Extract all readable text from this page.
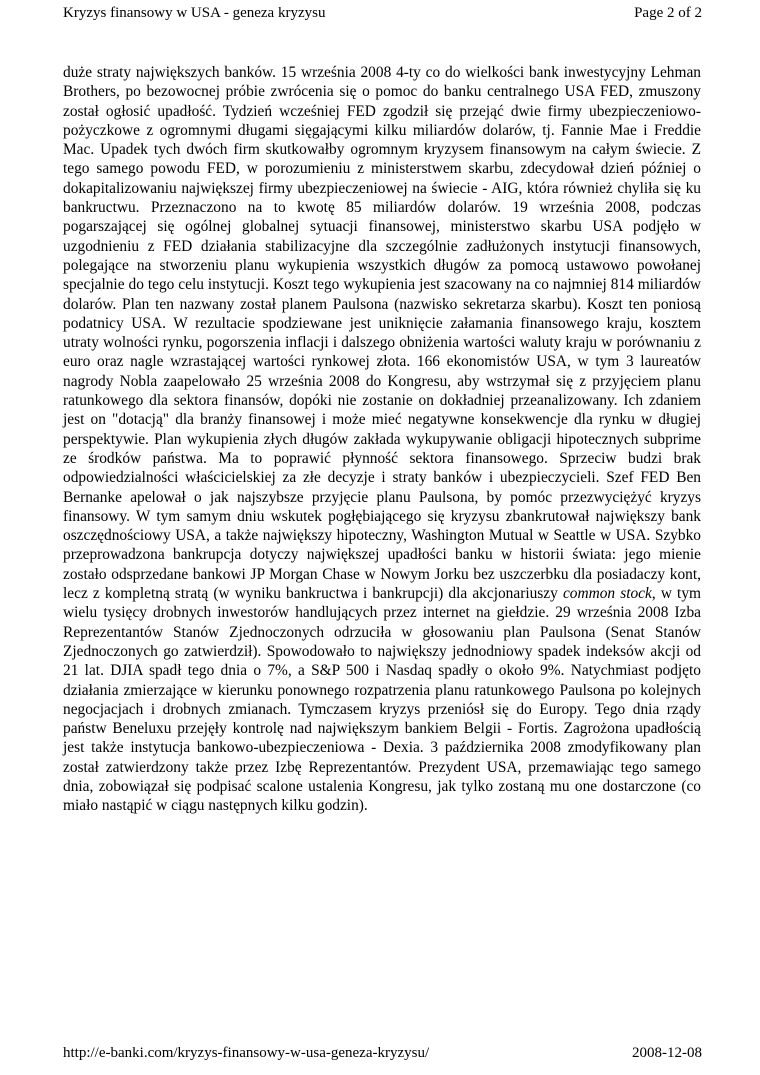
Kryzys finansowy w USA - geneza kryzysu	Page 2 of 2

duże straty największych banków. 15 września 2008 4-ty co do wielkości bank inwestycyjny Lehman Brothers, po bezowocnej próbie zwrócenia się o pomoc do banku centralnego USA FED, zmuszony został ogłosić upadłość. Tydzień wcześniej FED zgodził się przejąć dwie firmy ubezpieczeniowo-pożyczkowe z ogromnymi długami sięgającymi kilku miliardów dolarów, tj. Fannie Mae i Freddie Mac. Upadek tych dwóch firm skutkowałby ogromnym kryzysem finansowym na całym świecie. Z tego samego powodu FED, w porozumieniu z ministerstwem skarbu, zdecydował dzień później o dokapitalizowaniu największej firmy ubezpieczeniowej na świecie - AIG, która również chyliła się ku bankructwu. Przeznaczono na to kwotę 85 miliardów dolarów. 19 września 2008, podczas pogarszającej się ogólnej globalnej sytuacji finansowej, ministerstwo skarbu USA podjęło w uzgodnieniu z FED działania stabilizacyjne dla szczególnie zadłużonych instytucji finansowych, polegające na stworzeniu planu wykupienia wszystkich długów za pomocą ustawowo powołanej specjalnie do tego celu instytucji. Koszt tego wykupienia jest szacowany na co najmniej 814 miliardów dolarów. Plan ten nazwany został planem Paulsona (nazwisko sekretarza skarbu). Koszt ten poniosą podatnicy USA. W rezultacie spodziewane jest uniknięcie załamania finansowego kraju, kosztem utraty wolności rynku, pogorszenia inflacji i dalszego obniżenia wartości waluty kraju w porównaniu z euro oraz nagle wzrastającej wartości rynkowej złota. 166 ekonomistów USA, w tym 3 laureatów nagrody Nobla zaapelowało 25 września 2008 do Kongresu, aby wstrzymał się z przyjęciem planu ratunkowego dla sektora finansów, dopóki nie zostanie on dokładniej przeanalizowany. Ich zdaniem jest on "dotacją" dla branży finansowej i może mieć negatywne konsekwencje dla rynku w długiej perspektywie. Plan wykupienia złych długów zakłada wykupywanie obligacji hipotecznych subprime ze środków państwa. Ma to poprawić płynność sektora finansowego. Sprzeciw budzi brak odpowiedzialności właścicielskiej za złe decyzje i straty banków i ubezpieczycieli. Szef FED Ben Bernanke apelował o jak najszybsze przyjęcie planu Paulsona, by pomóc przezwyciężyć kryzys finansowy. W tym samym dniu wskutek pogłębiającego się kryzysu zbankrutował największy bank oszczędnościowy USA, a także największy hipoteczny, Washington Mutual w Seattle w USA. Szybko przeprowadzona bankrupcja dotyczy największej upadłości banku w historii świata: jego mienie zostało odsprzedane bankowi JP Morgan Chase w Nowym Jorku bez uszczerbku dla posiadaczy kont, lecz z kompletną stratą (w wyniku bankructwa i bankrupcji) dla akcjonariuszy common stock, w tym wielu tysięcy drobnych inwestorów handlujących przez internet na giełdzie. 29 września 2008 Izba Reprezentantów Stanów Zjednoczonych odrzuciła w głosowaniu plan Paulsona (Senat Stanów Zjednoczonych go zatwierdził). Spowodowało to największy jednodniowy spadek indeksów akcji od 21 lat. DJIA spadł tego dnia o 7%, a S&P 500 i Nasdaq spadły o około 9%. Natychmiast podjęto działania zmierzające w kierunku ponownego rozpatrzenia planu ratunkowego Paulsona po kolejnych negocjacjach i drobnych zmianach. Tymczasem kryzys przeniósł się do Europy. Tego dnia rządy państw Beneluxu przejęły kontrolę nad największym bankiem Belgii - Fortis. Zagrożona upadłością jest także instytucja bankowo-ubezpieczeniowa - Dexia. 3 października 2008 zmodyfikowany plan został zatwierdzony także przez Izbę Reprezentantów. Prezydent USA, przemawiając tego samego dnia, zobowiązał się podpisać scalone ustalenia Kongresu, jak tylko zostaną mu one dostarczone (co miało nastąpić w ciągu następnych kilku godzin).

http://e-banki.com/kryzys-finansowy-w-usa-geneza-kryzysu/	2008-12-08
